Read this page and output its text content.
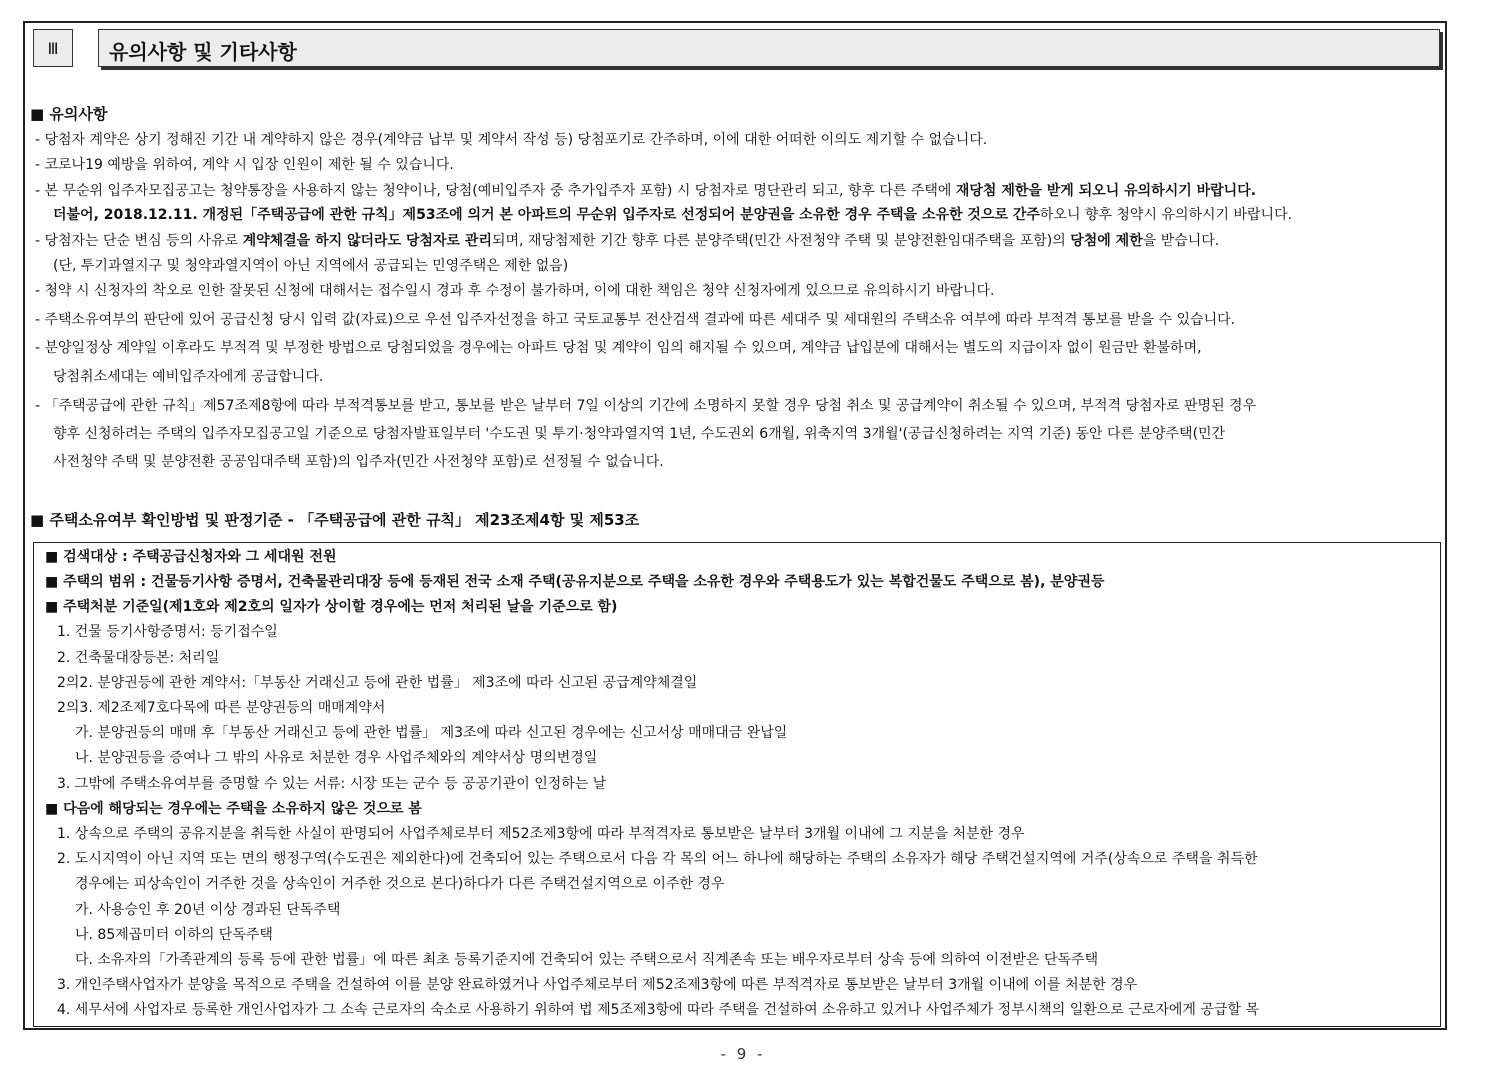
Ⅲ	유의사항 및 기타사항
■ 유의사항
- 당첨자 계약은 상기 정해진 기간 내 계약하지 않은 경우(계약금 납부 및 계약서 작성 등) 당첨포기로 간주하며, 이에 대한 어떠한 이의도 제기할 수 없습니다.
- 코로나19 예방을 위하여, 계약 시 입장 인원이 제한 될 수 있습니다.
- 본 무순위 입주자모집공고는 청약통장을 사용하지 않는 청약이나, 당첨(예비입주자 중 추가입주자 포함) 시 당첨자로 명단관리 되고, 향후 다른 주택에 재당첨 제한을 받게 되오니 유의하시기 바랍니다.
더불어, 2018.12.11. 개정된「주택공급에 관한 규칙」제53조에 의거 본 아파트의 무순위 입주자로 선정되어 분양권을 소유한 경우 주택을 소유한 것으로 간주하오니 향후 청약시 유의하시기 바랍니다.
- 당첨자는 단순 변심 등의 사유로 계약체결을 하지 않더라도 당첨자로 관리되며, 재당첨제한 기간 향후 다른 분양주택(민간 사전청약 주택 및 분양전환임대주택을 포함)의 당첨에 제한을 받습니다.
(단, 투기과열지구 및 청약과열지역이 아닌 지역에서 공급되는 민영주택은 제한 없음)
- 청약 시 신청자의 착오로 인한 잘못된 신청에 대해서는 접수일시 경과 후 수정이 불가하며, 이에 대한 책임은 청약 신청자에게 있으므로 유의하시기 바랍니다.
- 주택소유여부의 판단에 있어 공급신청 당시 입력 값(자료)으로 우선 입주자선정을 하고 국토교통부 전산검색 결과에 따른 세대주 및 세대원의 주택소유 여부에 따라 부적격 통보를 받을 수 있습니다.
- 분양일정상 계약일 이후라도 부적격 및 부정한 방법으로 당첨되었을 경우에는 아파트 당첨 및 계약이 임의 해지될 수 있으며, 계약금 납입분에 대해서는 별도의 지급이자 없이 원금만 환불하며,
당첨취소세대는 예비입주자에게 공급합니다.
- 「주택공급에 관한 규칙」제57조제8항에 따라 부적격통보를 받고, 통보를 받은 날부터 7일 이상의 기간에 소명하지 못할 경우 당첨 취소 및 공급계약이 취소될 수 있으며, 부적격 당첨자로 판명된 경우
향후 신청하려는 주택의 입주자모집공고일 기준으로 당첨자발표일부터 '수도권 및 투기·청약과열지역 1년, 수도권외 6개월, 위축지역 3개월'(공급신청하려는 지역 기준) 동안 다른 분양주택(민간
사전청약 주택 및 분양전환 공공임대주택 포함)의 입주자(민간 사전청약 포함)로 선정될 수 없습니다.
■ 주택소유여부 확인방법 및 판정기준 - 「주택공급에 관한 규칙」 제23조제4항 및 제53조
■ 검색대상 : 주택공급신청자와 그 세대원 전원
■ 주택의 범위 : 건물등기사항 증명서, 건축물관리대장 등에 등재된 전국 소재 주택(공유지분으로 주택을 소유한 경우와 주택용도가 있는 복합건물도 주택으로 봄), 분양권등
■ 주택처분 기준일(제1호와 제2호의 일자가 상이할 경우에는 먼저 처리된 날을 기준으로 함)
1. 건물 등기사항증명서: 등기접수일
2. 건축물대장등본: 처리일
2의2. 분양권등에 관한 계약서:「부동산 거래신고 등에 관한 법률」 제3조에 따라 신고된 공급계약체결일
2의3. 제2조제7호다목에 따른 분양권등의 매매계약서
가. 분양권등의 매매 후「부동산 거래신고 등에 관한 법률」 제3조에 따라 신고된 경우에는 신고서상 매매대금 완납일
나. 분양권등을 증여나 그 밖의 사유로 처분한 경우 사업주체와의 계약서상 명의변경일
3. 그밖에 주택소유여부를 증명할 수 있는 서류: 시장 또는 군수 등 공공기관이 인정하는 날
■ 다음에 해당되는 경우에는 주택을 소유하지 않은 것으로 봄
1. 상속으로 주택의 공유지분을 취득한 사실이 판명되어 사업주체로부터 제52조제3항에 따라 부적격자로 통보받은 날부터 3개월 이내에 그 지분을 처분한 경우
2. 도시지역이 아닌 지역 또는 면의 행정구역(수도권은 제외한다)에 건축되어 있는 주택으로서 다음 각 목의 어느 하나에 해당하는 주택의 소유자가 해당 주택건설지역에 거주(상속으로 주택을 취득한
경우에는 피상속인이 거주한 것을 상속인이 거주한 것으로 본다)하다가 다른 주택건설지역으로 이주한 경우
가. 사용승인 후 20년 이상 경과된 단독주택
나. 85제곱미터 이하의 단독주택
다. 소유자의「가족관계의 등록 등에 관한 법률」에 따른 최초 등록기준지에 건축되어 있는 주택으로서 직계존속 또는 배우자로부터 상속 등에 의하여 이전받은 단독주택
3. 개인주택사업자가 분양을 목적으로 주택을 건설하여 이를 분양 완료하였거나 사업주체로부터 제52조제3항에 따른 부적격자로 통보받은 날부터 3개월 이내에 이를 처분한 경우
4. 세무서에 사업자로 등록한 개인사업자가 그 소속 근로자의 숙소로 사용하기 위하여 법 제5조제3항에 따라 주택을 건설하여 소유하고 있거나 사업주체가 정부시책의 일환으로 근로자에게 공급할 목
- 9 -
